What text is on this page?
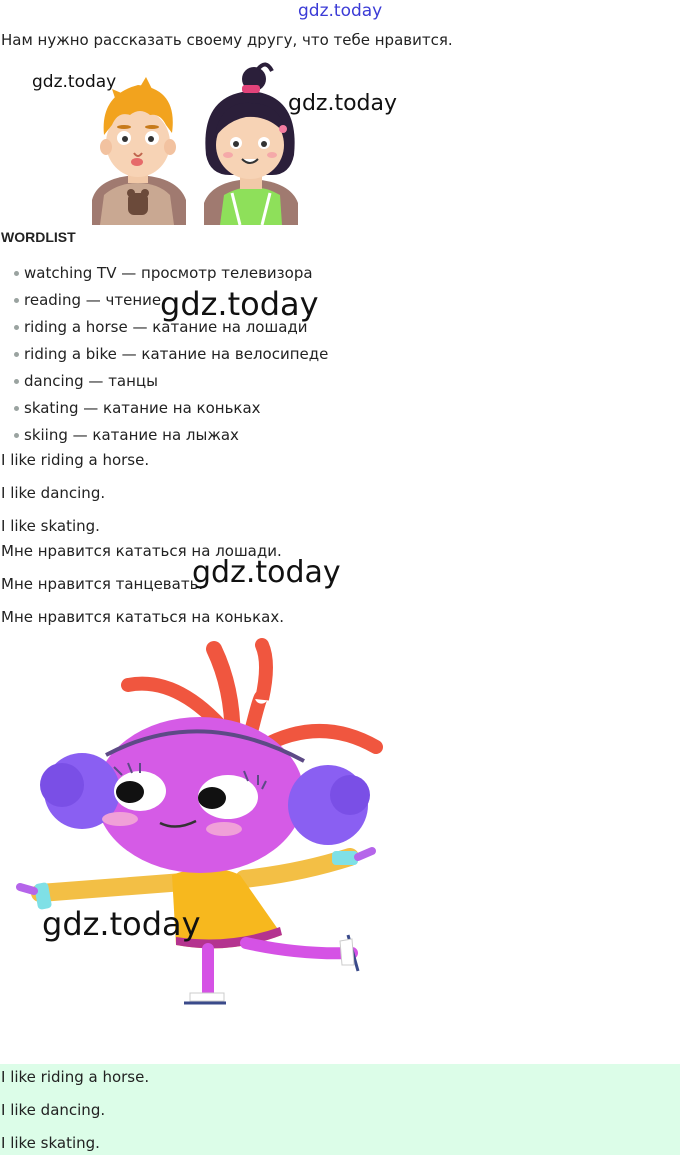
gdz.today
Нам нужно рассказать своему другу, что тебе нравится.
gdz.today
gdz.today
WORDLIST
watching TV — просмотр телевизора
reading — чтение
riding a horse — катание на лошади
riding a bike — катание на велосипеде
dancing — танцы
skating — катание на коньках
skiing — катание на лыжах
gdz.today
I like riding a horse.
I like dancing.
I like skating.
Мне нравится кататься на лошади.
Мне нравится танцевать.
Мне нравится кататься на коньках.
gdz.today
gdz.today
I like riding a horse.
I like dancing.
I like skating.
